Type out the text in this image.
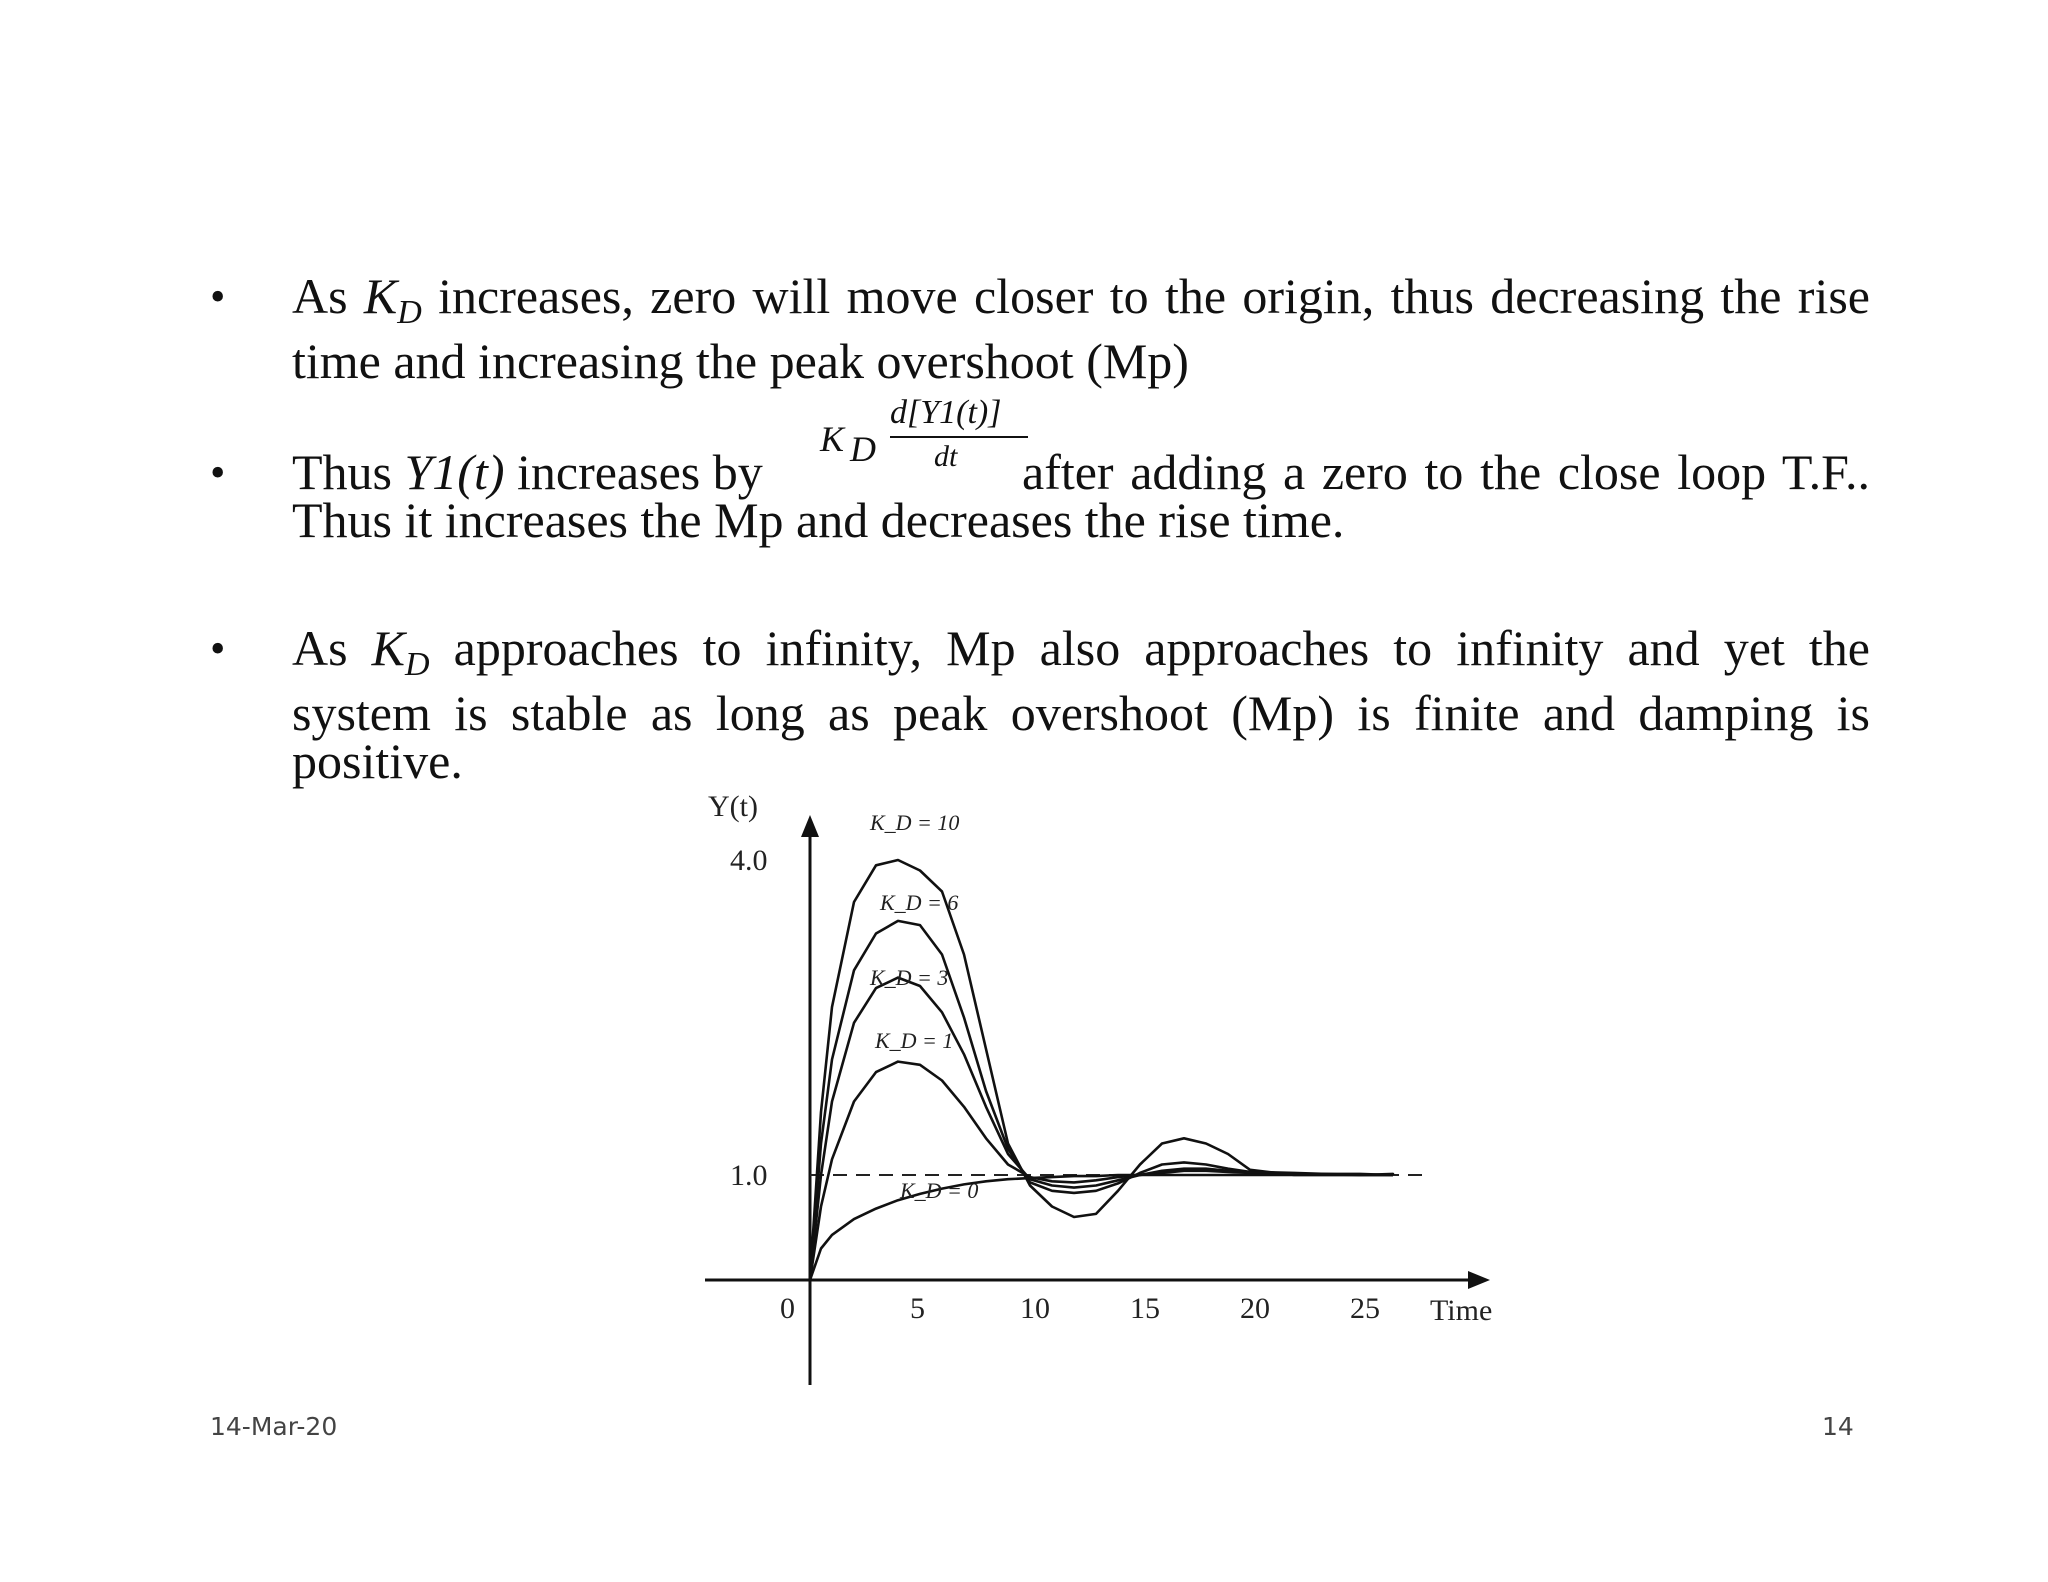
• As $K_D$ increases, zero will move closer to the origin, thus decreasing the rise time and increasing the peak overshoot (Mp)
• Thus Y1(t) increases by
K D
d[Y1(t)]
dt	after adding a zero to the close loop T.F.. Thus it increases the Mp and decreases the rise time.
• As $K_D$ approaches to infinity, Mp also approaches to infinity and yet the system is stable as long as peak overshoot (Mp) is finite and damping is positive.
Y(t)
Time
4.0
1.0
0	5	10	15	20	25
K_D = 10
K_D = 6
K_D = 3
K_D = 1
K_D = 0
14-Mar-20	14
